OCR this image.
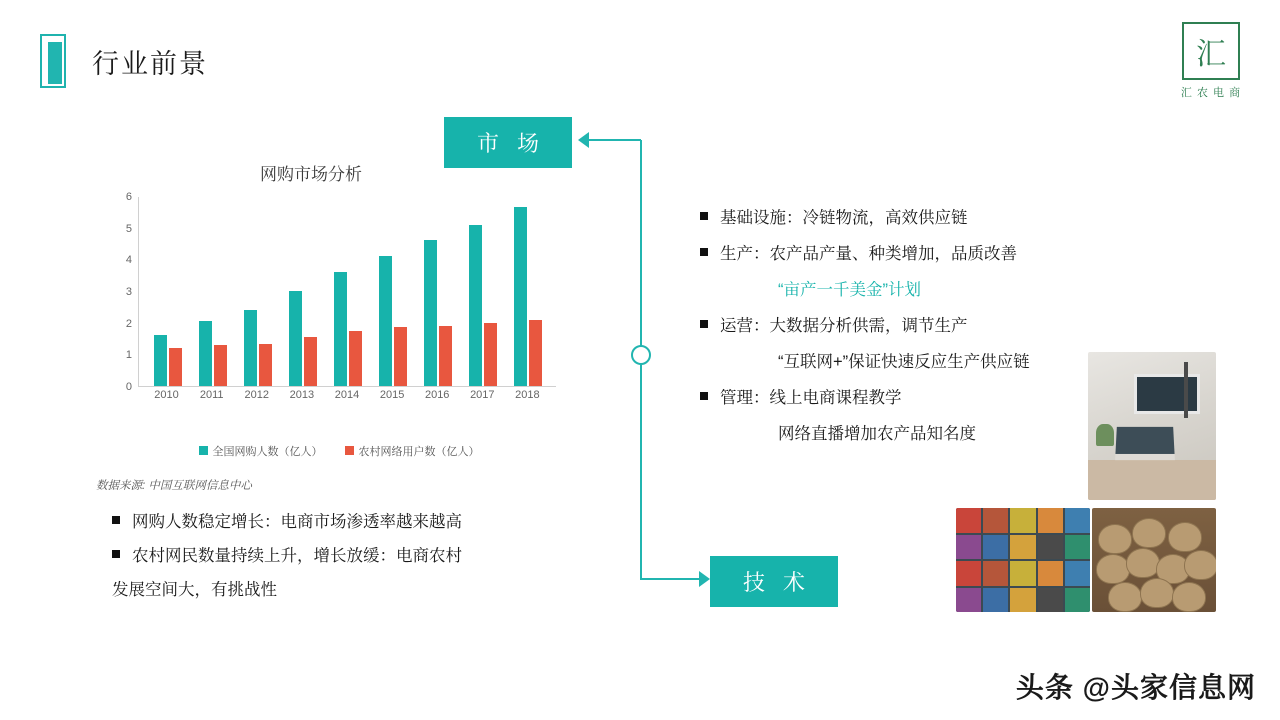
行业前景	汇
汇 农 电 商
网购市场分析
0
1
2
3
4
5
6
2010 2011 2012 2013 2014 2015 2016 2017 2018
全国网购人数（亿人）	农村网络用户数（亿人）
数据来源: 中国互联网信息中心
网购人数稳定增长：电商市场渗透率越来越高
农村网民数量持续上升，增长放缓：电商农村
发展空间大，有挑战性
市 场
技 术
基础设施：冷链物流，高效供应链
生产：农产品产量、种类增加，品质改善
“亩产一千美金”计划
运营：大数据分析供需，调节生产
“互联网+”保证快速反应生产供应链
管理：线上电商课程教学
网络直播增加农产品知名度
头条 @头家信息网
